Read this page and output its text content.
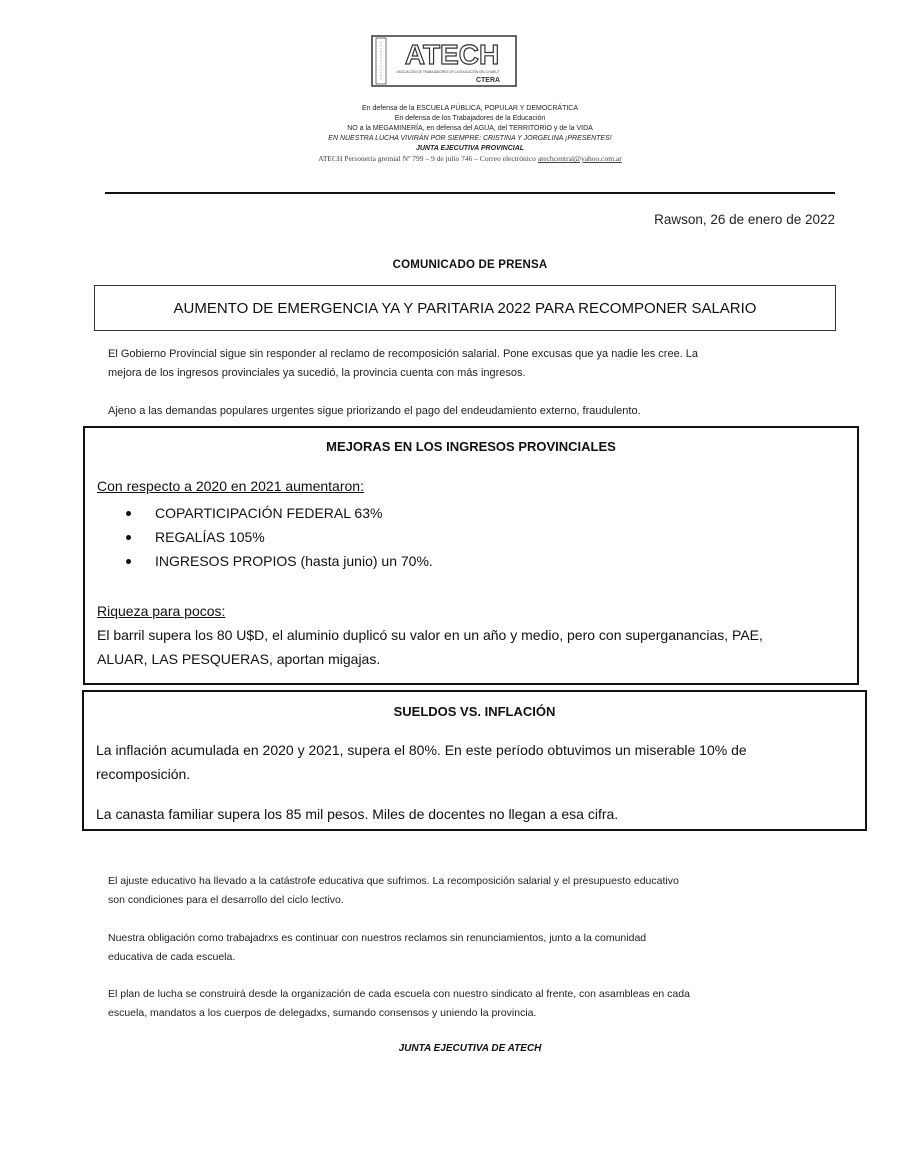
ATECH
ASOCIACIÓN DE TRABAJADORES DE LA EDUCACIÓN DEL CHUBUT
CTERA
En defensa de la ESCUELA PÚBLICA, POPULAR Y DEMOCRÁTICA
En defensa de los Trabajadores de la Educación
NO a la MEGAMINERÍA, en defensa del AGUA, del TERRITORIO y de la VIDA
EN NUESTRA LUCHA VIVIRÁN POR SIEMPRE: CRISTINA Y JORGELINA ¡PRESENTES!
JUNTA EJECUTIVA PROVINCIAL
ATECH Personería gremial Nº 799 – 9 de julio 746 – Correo electrónico atechcentral@yahoo.com.ar
Rawson, 26 de enero de 2022
COMUNICADO DE PRENSA
AUMENTO DE EMERGENCIA YA Y PARITARIA 2022 PARA RECOMPONER SALARIO
El Gobierno Provincial sigue sin responder al reclamo de recomposición salarial. Pone excusas que ya nadie les cree. La
mejora de los ingresos provinciales ya sucedió, la provincia cuenta con más ingresos.
Ajeno a las demandas populares urgentes sigue priorizando el pago del endeudamiento externo, fraudulento.
MEJORAS EN LOS INGRESOS PROVINCIALES
Con respecto a 2020 en 2021 aumentaron:
COPARTICIPACIÓN FEDERAL 63%
REGALÍAS 105%
INGRESOS PROPIOS (hasta junio) un 70%.
Riqueza para pocos:
El barril supera los 80 U$D, el aluminio duplicó su valor en un año y medio, pero con superganancias, PAE,
ALUAR, LAS PESQUERAS, aportan migajas.
SUELDOS VS. INFLACIÓN
La inflación acumulada en 2020 y 2021, supera el 80%. En este período obtuvimos un miserable 10% de
recomposición.
La canasta familiar supera los 85 mil pesos. Miles de docentes no llegan a esa cifra.
El ajuste educativo ha llevado a la catástrofe educativa que sufrimos. La recomposición salarial y el presupuesto educativo
son condiciones para el desarrollo del ciclo lectivo.
Nuestra obligación como trabajadrxs es continuar con nuestros reclamos sin renunciamientos, junto a la comunidad
educativa de cada escuela.
El plan de lucha se construirá desde la organización de cada escuela con nuestro sindicato al frente, con asambleas en cada
escuela, mandatos a los cuerpos de delegadxs, sumando consensos y uniendo la provincia.
JUNTA EJECUTIVA DE ATECH
